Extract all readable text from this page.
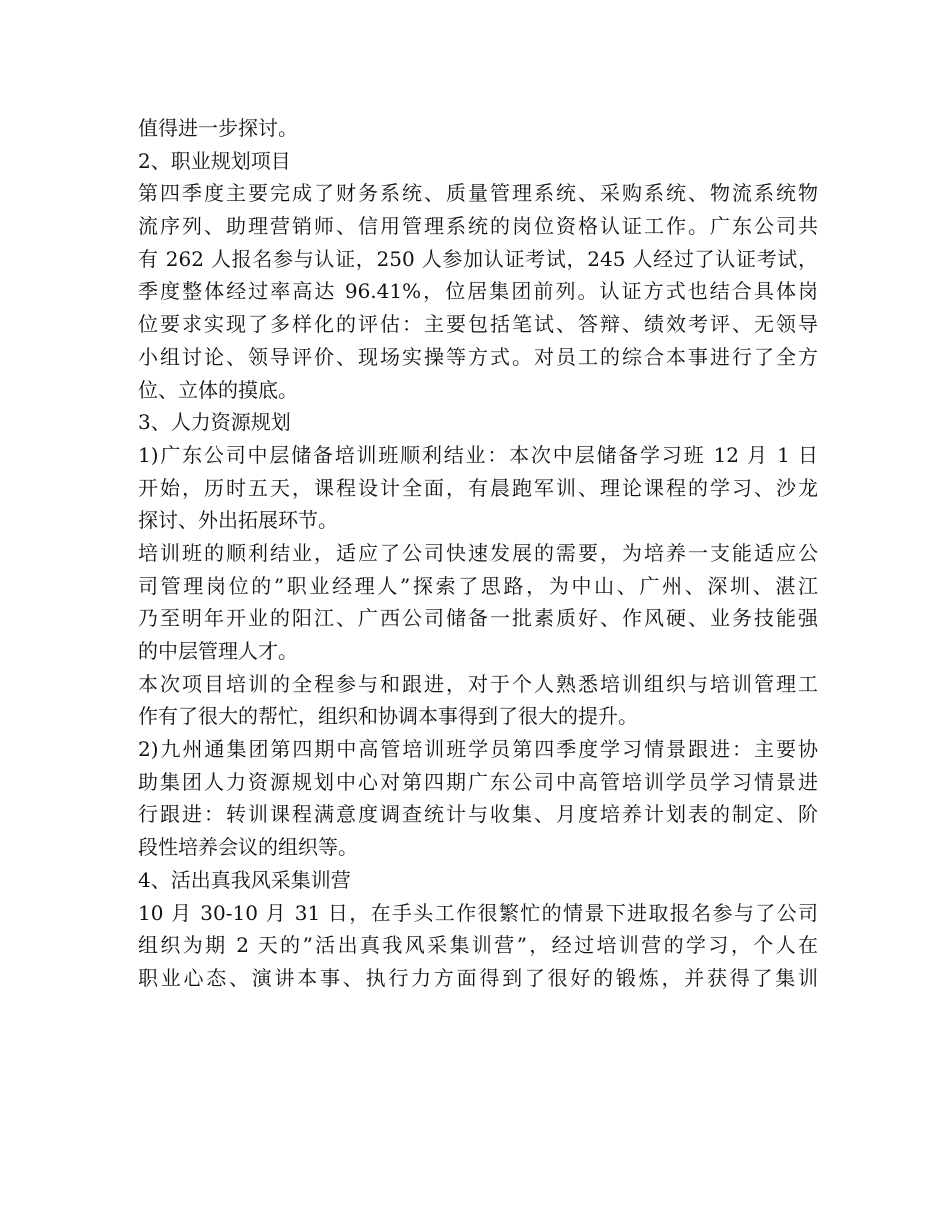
值得进一步探讨。
2、职业规划项目
第四季度主要完成了财务系统、质量管理系统、采购系统、物流系统物
流序列、助理营销师、信用管理系统的岗位资格认证工作。广东公司共
有 262 人报名参与认证，250 人参加认证考试，245 人经过了认证考试，
季度整体经过率高达 96.41%，位居集团前列。认证方式也结合具体岗
位要求实现了多样化的评估：主要包括笔试、答辩、绩效考评、无领导
小组讨论、领导评价、现场实操等方式。对员工的综合本事进行了全方
位、立体的摸底。
3、人力资源规划
1)广东公司中层储备培训班顺利结业：本次中层储备学习班 12 月 1 日
开始，历时五天，课程设计全面，有晨跑军训、理论课程的学习、沙龙
探讨、外出拓展环节。
培训班的顺利结业，适应了公司快速发展的需要，为培养一支能适应公
司管理岗位的”职业经理人”探索了思路，为中山、广州、深圳、湛江
乃至明年开业的阳江、广西公司储备一批素质好、作风硬、业务技能强
的中层管理人才。
本次项目培训的全程参与和跟进，对于个人熟悉培训组织与培训管理工
作有了很大的帮忙，组织和协调本事得到了很大的提升。
2)九州通集团第四期中高管培训班学员第四季度学习情景跟进：主要协
助集团人力资源规划中心对第四期广东公司中高管培训学员学习情景进
行跟进：转训课程满意度调查统计与收集、月度培养计划表的制定、阶
段性培养会议的组织等。
4、活出真我风采集训营
10 月 30-10 月 31 日，在手头工作很繁忙的情景下进取报名参与了公司
组织为期 2 天的”活出真我风采集训营”，经过培训营的学习，个人在
职业心态、演讲本事、执行力方面得到了很好的锻炼，并获得了集训
